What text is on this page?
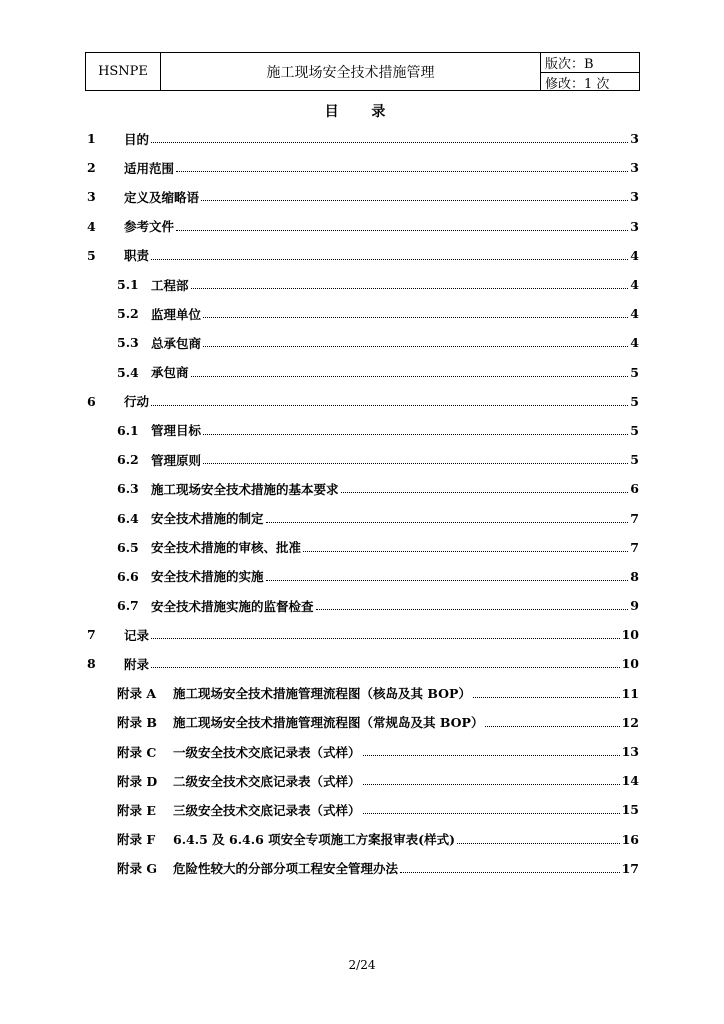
HSNPE	施工现场安全技术措施管理	版次：B
修改：1 次
目 录
1	目的	3
2	适用范围	3
3	定义及缩略语	3
4	参考文件	3
5	职责	4
5.1 工程部	4
5.2 监理单位	4
5.3 总承包商	4
5.4 承包商	5
6	行动	5
6.1 管理目标	5
6.2 管理原则	5
6.3 施工现场安全技术措施的基本要求	6
6.4 安全技术措施的制定	7
6.5 安全技术措施的审核、批准	7
6.6 安全技术措施的实施	8
6.7 安全技术措施实施的监督检查	9
7	记录	10
8	附录	10
附录 A	施工现场安全技术措施管理流程图（核岛及其 BOP）	11
附录 B	施工现场安全技术措施管理流程图（常规岛及其 BOP）	12
附录 C	一级安全技术交底记录表（式样）	13
附录 D	二级安全技术交底记录表（式样）	14
附录 E	三级安全技术交底记录表（式样）	15
附录 F	6.4.5 及 6.4.6 项安全专项施工方案报审表(样式)	16
附录 G	危险性较大的分部分项工程安全管理办法	17
2/24
